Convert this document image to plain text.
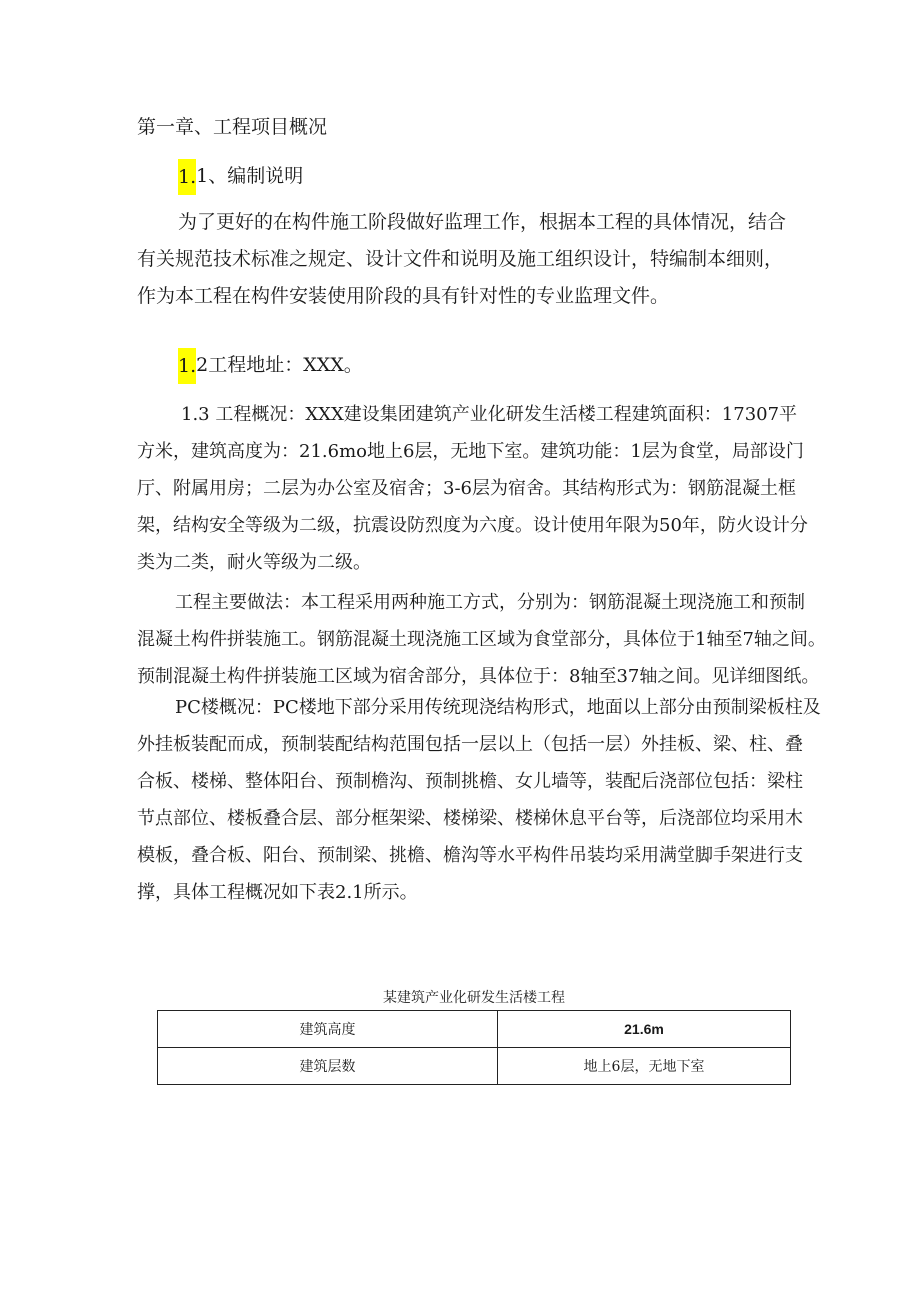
第一章、工程项目概况
1.1、编制说明
为了更好的在构件施工阶段做好监理工作，根据本工程的具体情况，结合
有关规范技术标准之规定、设计文件和说明及施工组织设计，特编制本细则，
作为本工程在构件安装使用阶段的具有针对性的专业监理文件。
1.2工程地址：XXX。
1.3 工程概况：XXX建设集团建筑产业化研发生活楼工程建筑面积：17307平
方米，建筑高度为：21.6mo地上6层，无地下室。建筑功能：1层为食堂，局部设门
厅、附属用房；二层为办公室及宿舍；3-6层为宿舍。其结构形式为：钢筋混凝土框
架，结构安全等级为二级，抗震设防烈度为六度。设计使用年限为50年，防火设计分
类为二类，耐火等级为二级。
工程主要做法：本工程采用两种施工方式，分别为：钢筋混凝土现浇施工和预制
混凝土构件拼装施工。钢筋混凝土现浇施工区域为食堂部分，具体位于1轴至7轴之间。
预制混凝土构件拼装施工区域为宿舍部分，具体位于：8轴至37轴之间。见详细图纸。
PC楼概况：PC楼地下部分采用传统现浇结构形式，地面以上部分由预制梁板柱及
外挂板装配而成，预制装配结构范围包括一层以上（包括一层）外挂板、梁、柱、叠
合板、楼梯、整体阳台、预制檐沟、预制挑檐、女儿墙等，装配后浇部位包括：梁柱
节点部位、楼板叠合层、部分框架梁、楼梯梁、楼梯休息平台等，后浇部位均采用木
模板，叠合板、阳台、预制梁、挑檐、檐沟等水平构件吊装均采用满堂脚手架进行支
撑，具体工程概况如下表2.1所示。
某建筑产业化研发生活楼工程
建筑高度	21.6m
建筑层数	地上6层，无地下室
